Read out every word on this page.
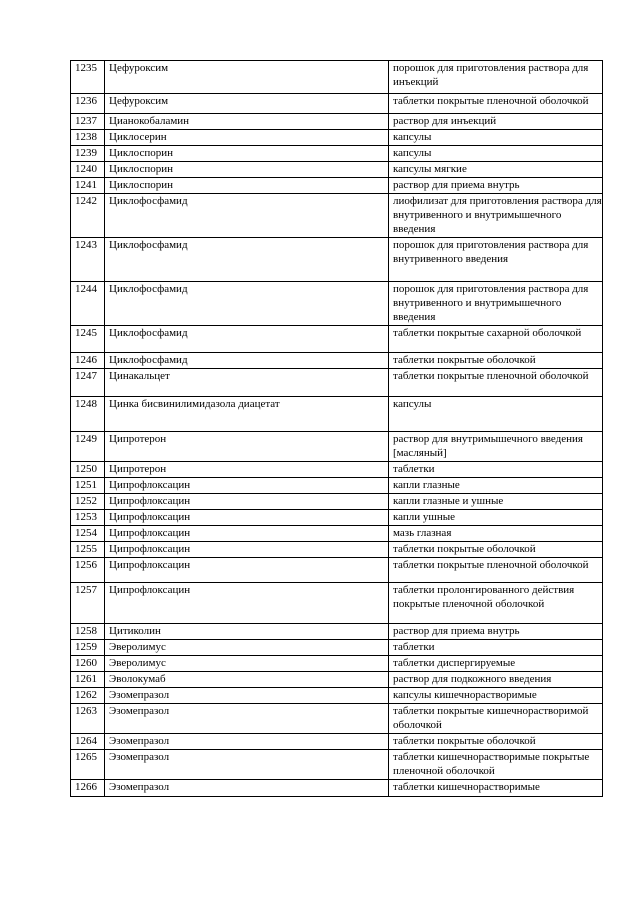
1235	Цефуроксим	порошок для приготовления раствора для инъекций
1236	Цефуроксим	таблетки покрытые пленочной оболочкой
1237	Цианокобаламин	раствор для инъекций
1238	Циклосерин	капсулы
1239	Циклоспорин	капсулы
1240	Циклоспорин	капсулы мягкие
1241	Циклоспорин	раствор для приема внутрь
1242	Циклофосфамид	лиофилизат для приготовления раствора для внутривенного и внутримышечного введения
1243	Циклофосфамид	порошок для приготовления раствора для внутривенного введения
1244	Циклофосфамид	порошок для приготовления раствора для внутривенного и внутримышечного введения
1245	Циклофосфамид	таблетки покрытые сахарной оболочкой
1246	Циклофосфамид	таблетки покрытые оболочкой
1247	Цинакальцет	таблетки покрытые пленочной оболочкой
1248	Цинка бисвинилимидазола диацетат	капсулы
1249	Ципротерон	раствор для внутримышечного введения [масляный]
1250	Ципротерон	таблетки
1251	Ципрофлоксацин	капли глазные
1252	Ципрофлоксацин	капли глазные и ушные
1253	Ципрофлоксацин	капли ушные
1254	Ципрофлоксацин	мазь глазная
1255	Ципрофлоксацин	таблетки покрытые оболочкой
1256	Ципрофлоксацин	таблетки покрытые пленочной оболочкой
1257	Ципрофлоксацин	таблетки пролонгированного действия покрытые пленочной оболочкой
1258	Цитиколин	раствор для приема внутрь
1259	Эверолимус	таблетки
1260	Эверолимус	таблетки диспергируемые
1261	Эволокумаб	раствор для подкожного введения
1262	Эзомепразол	капсулы кишечнорастворимые
1263	Эзомепразол	таблетки покрытые кишечнорастворимой оболочкой
1264	Эзомепразол	таблетки покрытые оболочкой
1265	Эзомепразол	таблетки кишечнорастворимые покрытые пленочной оболочкой
1266	Эзомепразол	таблетки кишечнорастворимые
